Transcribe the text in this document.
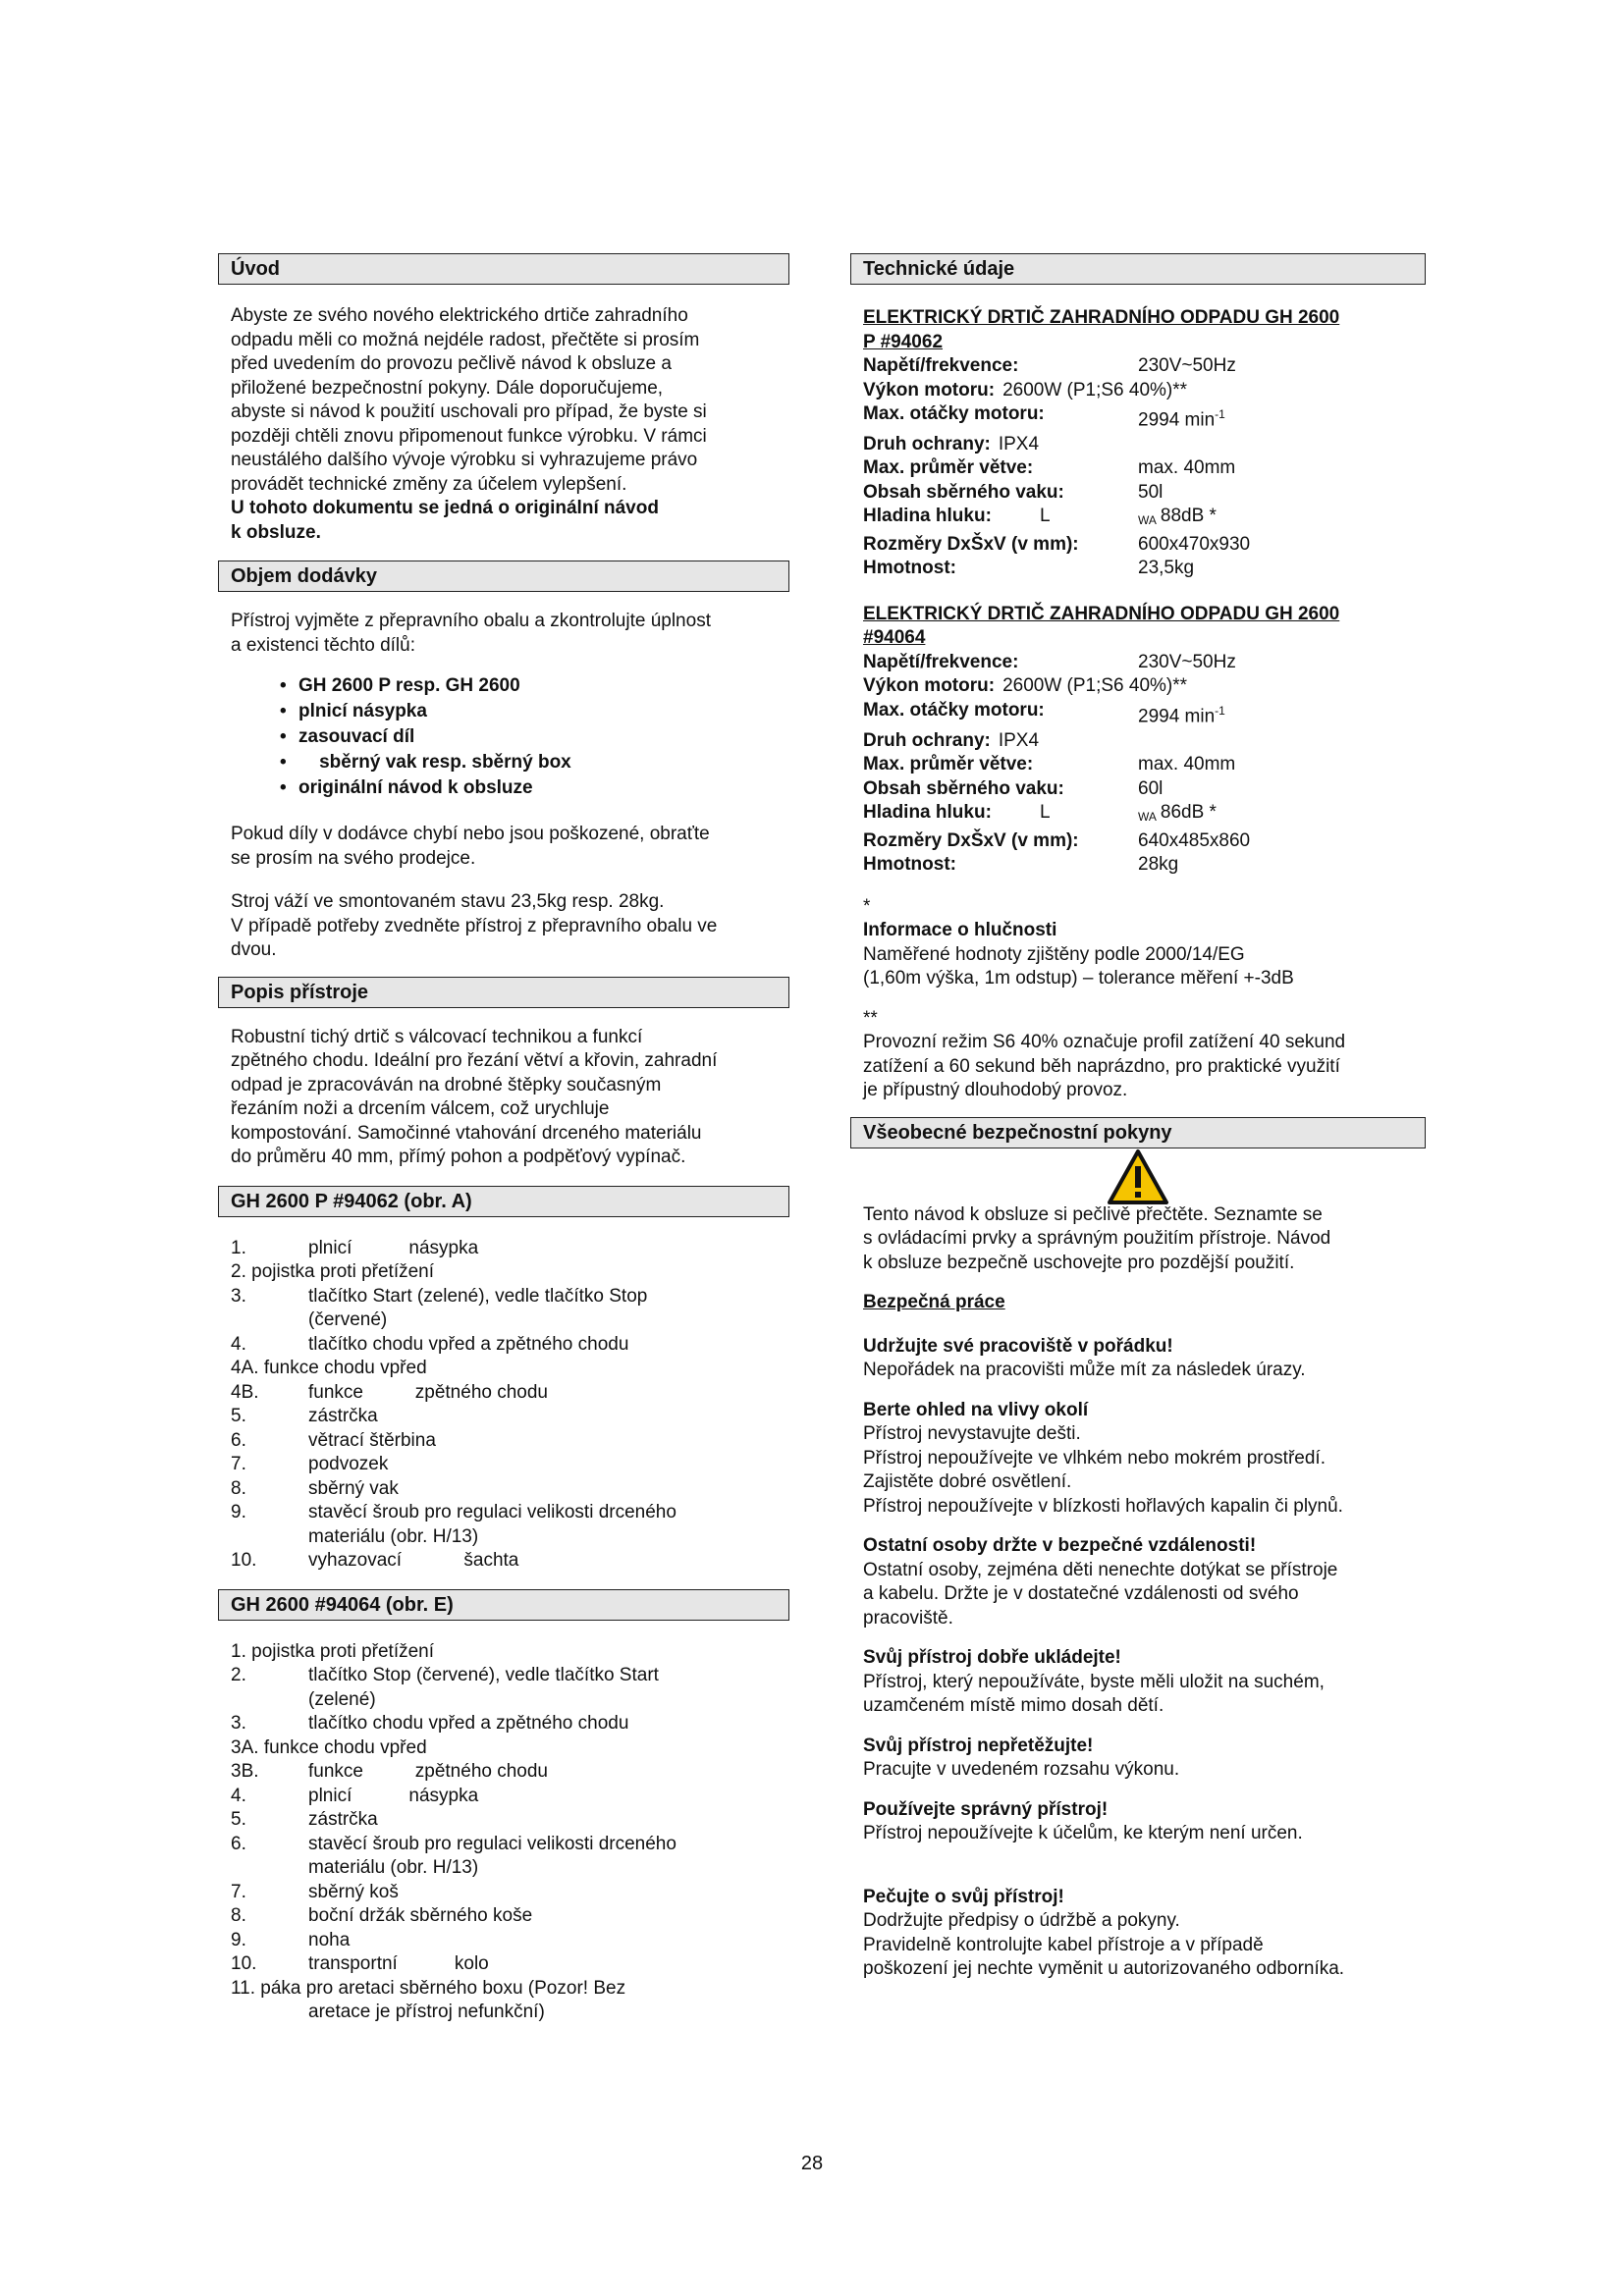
Úvod
Abyste ze svého nového elektrického drtiče zahradního
odpadu měli co možná nejdéle radost, přečtěte si prosím
před uvedením do provozu pečlivě návod k obsluze a
přiložené bezpečnostní pokyny. Dále doporučujeme,
abyste si návod k použití uschovali pro případ, že byste si
později chtěli znovu připomenout funkce výrobku. V rámci
neustálého dalšího vývoje výrobku si vyhrazujeme právo
provádět technické změny za účelem vylepšení.
U tohoto dokumentu se jedná o originální návod
k obsluze.
Objem dodávky
Přístroj vyjměte z přepravního obalu a zkontrolujte úplnost
a existenci těchto dílů:
• GH 2600 P resp. GH 2600
• plnicí násypka
• zasouvací díl
•     sběrný vak resp. sběrný box
• originální návod k obsluze
Pokud díly v dodávce chybí nebo jsou poškozené, obraťte
se prosím na svého prodejce.
Stroj váží ve smontovaném stavu 23,5kg resp. 28kg.
V případě potřeby zvedněte přístroj z přepravního obalu ve
dvou.
Popis přístroje
Robustní tichý drtič s válcovací technikou a funkcí
zpětného chodu. Ideální pro řezání větví a křovin, zahradní
odpad je zpracováván na drobné štěpky současným
řezáním noži a drcením válcem, což urychluje
kompostování. Samočinné vtahování drceného materiálu
do průměru 40 mm, přímý pohon a podpěťový vypínač.
GH 2600 P #94062 (obr. A)
1.	plnicí           násypka
2. pojistka proti přetížení
3.	tlačítko Start (zelené), vedle tlačítko Stop
(červené)
4.	tlačítko chodu vpřed a zpětného chodu
4A. funkce chodu vpřed
4B.	funkce          zpětného chodu
5.	zástrčka
6.	větrací štěrbina
7.	podvozek
8.	sběrný vak
9.	stavěcí šroub pro regulaci velikosti drceného
materiálu (obr. H/13)
10.	vyhazovací            šachta
GH 2600 #94064 (obr. E)
1. pojistka proti přetížení
2.	tlačítko Stop (červené), vedle tlačítko Start
(zelené)
3.	tlačítko chodu vpřed a zpětného chodu
3A. funkce chodu vpřed
3B.	funkce          zpětného chodu
4.	plnicí           násypka
5.	zástrčka
6.	stavěcí šroub pro regulaci velikosti drceného
materiálu (obr. H/13)
7.	sběrný koš
8.	boční držák sběrného koše
9.	noha
10.	transportní           kolo
11. páka pro aretaci sběrného boxu (Pozor! Bez
aretace je přístroj nefunkční)
Technické údaje
ELEKTRICKÝ DRTIČ ZAHRADNÍHO ODPADU GH 2600
P #94062
Napětí/frekvence:	230V~50Hz
Výkon motoru: 2600W (P1;S6 40%)**
Max. otáčky motoru:	2994 $\min^{-1}$
Druh ochrany: IPX4
Max. průměr větve:	max. 40mm
Obsah sběrného vaku:	50l
Hladina hluku:	L	$_{WA}$ 88dB *
Rozměry DxŠxV (v mm):	600x470x930
Hmotnost:	23,5kg
ELEKTRICKÝ DRTIČ ZAHRADNÍHO ODPADU GH 2600
#94064
Napětí/frekvence:	230V~50Hz
Výkon motoru: 2600W (P1;S6 40%)**
Max. otáčky motoru:	2994 $\min^{-1}$
Druh ochrany: IPX4
Max. průměr větve:	max. 40mm
Obsah sběrného vaku:	60l
Hladina hluku:	L	$_{WA}$ 86dB *
Rozměry DxŠxV (v mm):	640x485x860
Hmotnost:	28kg
*
Informace o hlučnosti
Naměřené hodnoty zjištěny podle 2000/14/EG
(1,60m výška, 1m odstup) – tolerance měření +-3dB
**
Provozní režim S6 40% označuje profil zatížení 40 sekund
zatížení a 60 sekund běh naprázdno, pro praktické využití
je přípustný dlouhodobý provoz.
Všeobecné bezpečnostní pokyny
Tento návod k obsluze si pečlivě přečtěte. Seznamte se
s ovládacími prvky a správným použitím přístroje. Návod
k obsluze bezpečně uschovejte pro pozdější použití.
Bezpečná práce
Udržujte své pracoviště v pořádku!
Nepořádek na pracovišti může mít za následek úrazy.
Berte ohled na vlivy okolí
Přístroj nevystavujte dešti.
Přístroj nepoužívejte ve vlhkém nebo mokrém prostředí.
Zajistěte dobré osvětlení.
Přístroj nepoužívejte v blízkosti hořlavých kapalin či plynů.
Ostatní osoby držte v bezpečné vzdálenosti!
Ostatní osoby, zejména děti nenechte dotýkat se přístroje
a kabelu. Držte je v dostatečné vzdálenosti od svého
pracoviště.
Svůj přístroj dobře ukládejte!
Přístroj, který nepoužíváte, byste měli uložit na suchém,
uzamčeném místě mimo dosah dětí.
Svůj přístroj nepřetěžujte!
Pracujte v uvedeném rozsahu výkonu.
Používejte správný přístroj!
Přístroj nepoužívejte k účelům, ke kterým není určen.
Pečujte o svůj přístroj!
Dodržujte předpisy o údržbě a pokyny.
Pravidelně kontrolujte kabel přístroje a v případě
poškození jej nechte vyměnit u autorizovaného odborníka.
28
